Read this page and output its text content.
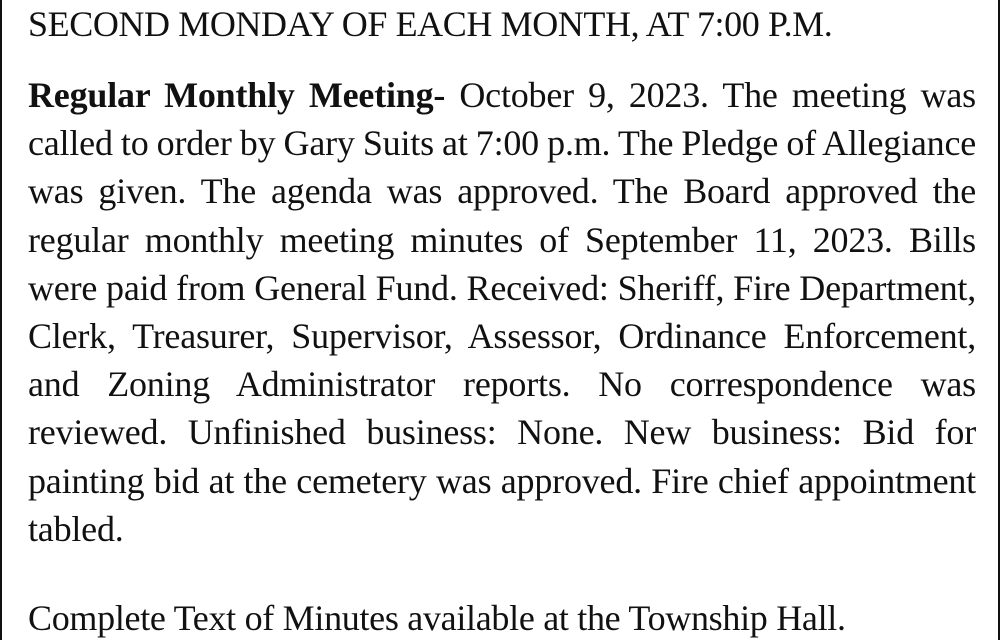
SECOND MONDAY OF EACH MONTH, AT 7:00 P.M.
Regular Monthly Meeting- October 9, 2023. The meeting was called to order by Gary Suits at 7:00 p.m. The Pledge of Allegiance was given. The agenda was approved. The Board approved the regular monthly meeting minutes of September 11, 2023. Bills were paid from General Fund. Received: Sheriff, Fire Department, Clerk, Treasurer, Supervisor, Assessor, Ordinance Enforcement, and Zoning Administrator reports. No correspondence was reviewed. Unfinished business: None. New business: Bid for painting bid at the cemetery was approved. Fire chief appointment tabled.
Complete Text of Minutes available at the Township Hall.
